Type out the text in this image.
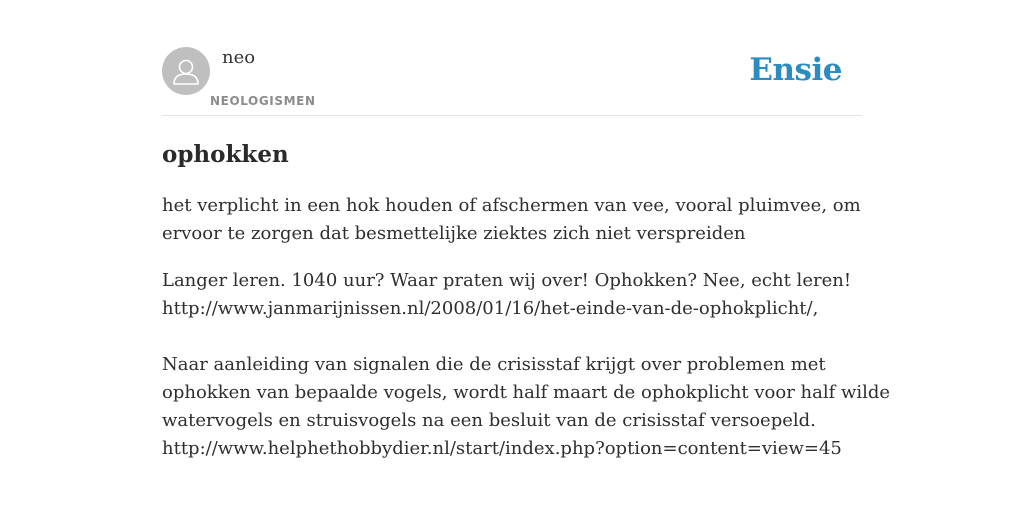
neo
NEOLOGISMEN
Ensie
ophokken

het verplicht in een hok houden of afschermen van vee, vooral pluimvee, om ervoor te zorgen dat besmettelijke ziektes zich niet verspreiden

Langer leren. 1040 uur? Waar praten wij over! Ophokken? Nee, echt leren!
http://www.janmarijnissen.nl/2008/01/16/het-einde-van-de-ophokplicht/,
Naar aanleiding van signalen die de crisisstaf krijgt over problemen met
ophokken van bepaalde vogels, wordt half maart de ophokplicht voor half wilde
watervogels en struisvogels na een besluit van de crisisstaf versoepeld.
http://www.helphethobbydier.nl/start/index.php?option=content=view=45
